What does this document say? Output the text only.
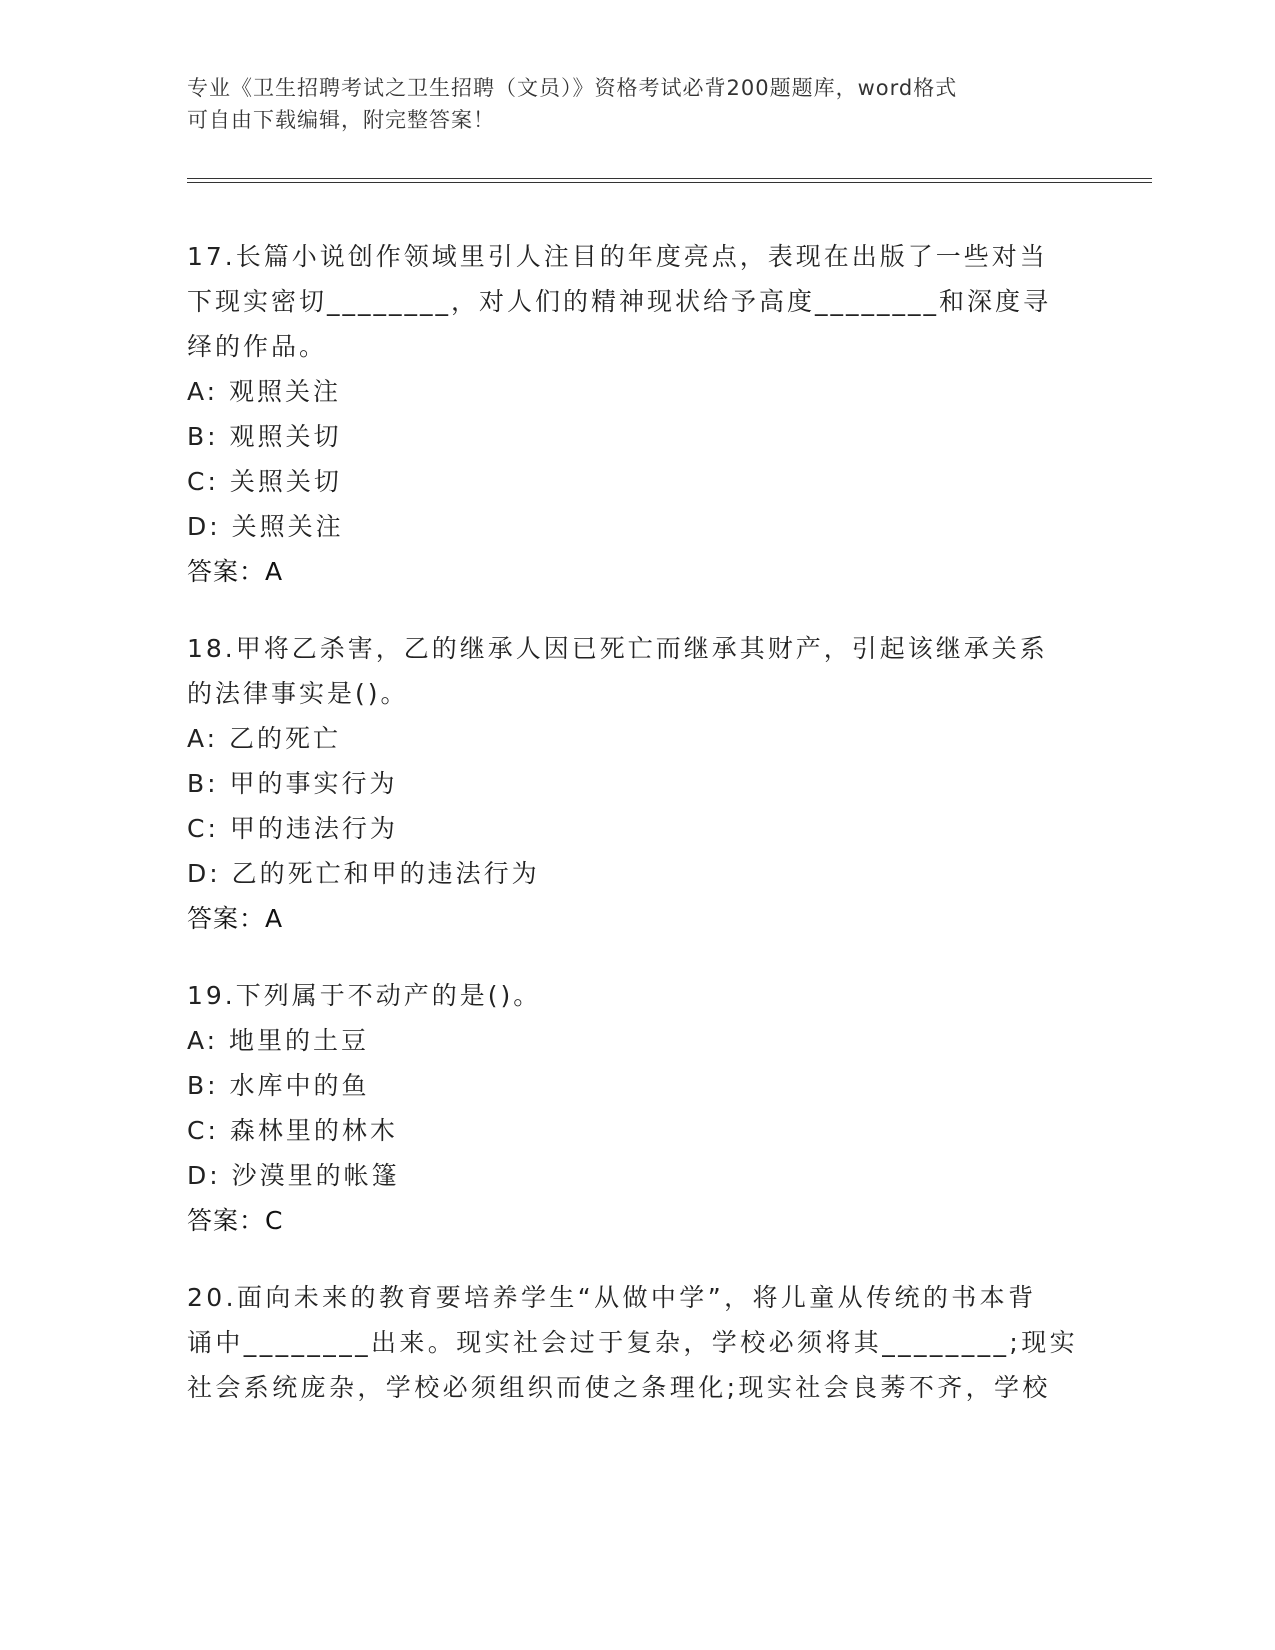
专业《卫生招聘考试之卫生招聘（文员）》资格考试必背200题题库，word格式
可自由下载编辑，附完整答案！
17.长篇小说创作领域里引人注目的年度亮点，表现在出版了一些对当
下现实密切________，对人们的精神现状给予高度________和深度寻
绎的作品。
A: 观照关注
B: 观照关切
C: 关照关切
D: 关照关注
答案：A
18.甲将乙杀害，乙的继承人因已死亡而继承其财产，引起该继承关系
的法律事实是()。
A: 乙的死亡
B: 甲的事实行为
C: 甲的违法行为
D: 乙的死亡和甲的违法行为
答案：A
19.下列属于不动产的是()。
A: 地里的土豆
B: 水库中的鱼
C: 森林里的林木
D: 沙漠里的帐篷
答案：C
20.面向未来的教育要培养学生“从做中学”，将儿童从传统的书本背
诵中________出来。现实社会过于复杂，学校必须将其________;现实
社会系统庞杂，学校必须组织而使之条理化;现实社会良莠不齐，学校
